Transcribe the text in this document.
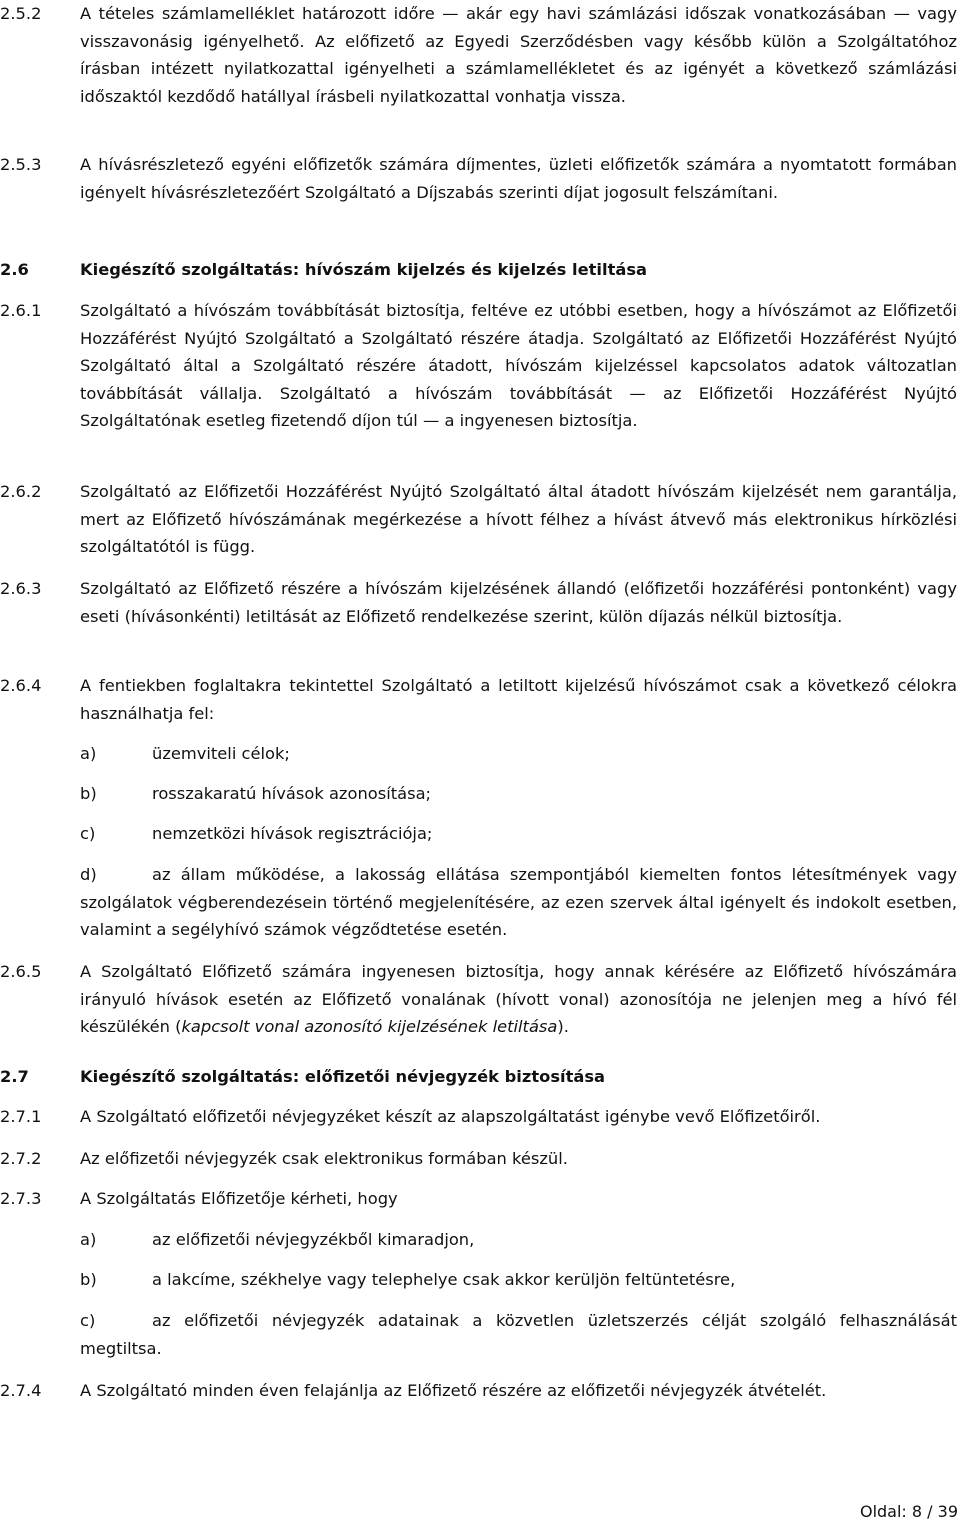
2.5.2 A tételes számlamelléklet határozott időre — akár egy havi számlázási időszak vonatkozásában — vagy visszavonásig igényelhető. Az előfizető az Egyedi Szerződésben vagy később külön a Szolgáltatóhoz írásban intézett nyilatkozattal igényelheti a számlamellékletet és az igényét a következő számlázási időszaktól kezdődő hatállyal írásbeli nyilatkozattal vonhatja vissza.

2.5.3 A hívásrészletező egyéni előfizetők számára díjmentes, üzleti előfizetők számára a nyomtatott formában igényelt hívásrészletezőért Szolgáltató a Díjszabás szerinti díjat jogosult felszámítani.

2.6	Kiegészítő szolgáltatás: hívószám kijelzés és kijelzés letiltása
2.6.1 Szolgáltató a hívószám továbbítását biztosítja, feltéve ez utóbbi esetben, hogy a hívószámot az Előfizetői Hozzáférést Nyújtó Szolgáltató a Szolgáltató részére átadja. Szolgáltató az Előfizetői Hozzáférést Nyújtó Szolgáltató által a Szolgáltató részére átadott, hívószám kijelzéssel kapcsolatos adatok változatlan továbbítását vállalja. Szolgáltató a hívószám továbbítását — az Előfizetői Hozzáférést Nyújtó Szolgáltatónak esetleg fizetendő díjon túl — a ingyenesen biztosítja.

2.6.2 Szolgáltató az Előfizetői Hozzáférést Nyújtó Szolgáltató által átadott hívószám kijelzését nem garantálja, mert az Előfizető hívószámának megérkezése a hívott félhez a hívást átvevő más elektronikus hírközlési szolgáltatótól is függ.

2.6.3 Szolgáltató az Előfizető részére a hívószám kijelzésének állandó (előfizetői hozzáférési pontonként) vagy eseti (hívásonkénti) letiltását az Előfizető rendelkezése szerint, külön díjazás nélkül biztosítja.

2.6.4 A fentiekben foglaltakra tekintettel Szolgáltató a letiltott kijelzésű hívószámot csak a következő célokra használhatja fel:

a)	üzemviteli célok;
b)	rosszakaratú hívások azonosítása;
c)	nemzetközi hívások regisztrációja;

d)	az állam működése, a lakosság ellátása szempontjából kiemelten fontos létesítmények vagy szolgálatok végberendezésein történő megjelenítésére, az ezen szervek által igényelt és indokolt esetben, valamint a segélyhívó számok végződtetése esetén.

2.6.5 A Szolgáltató Előfizető számára ingyenesen biztosítja, hogy annak kérésére az Előfizető hívószámára irányuló hívások esetén az Előfizető vonalának (hívott vonal) azonosítója ne jelenjen meg a hívó fél készülékén (kapcsolt vonal azonosító kijelzésének letiltása).

2.7	Kiegészítő szolgáltatás: előfizetői névjegyzék biztosítása
2.7.1 A Szolgáltató előfizetői névjegyzéket készít az alapszolgáltatást igénybe vevő Előfizetőiről.
2.7.2 Az előfizetői névjegyzék csak elektronikus formában készül.
2.7.3 A Szolgáltatás Előfizetője kérheti, hogy
a)	az előfizetői névjegyzékből kimaradjon,
b)	a lakcíme, székhelye vagy telephelye csak akkor kerüljön feltüntetésre,

c)	az előfizetői névjegyzék adatainak a közvetlen üzletszerzés célját szolgáló felhasználását megtiltsa.

2.7.4 A Szolgáltató minden éven felajánlja az Előfizető részére az előfizetői névjegyzék átvételét.
Oldal: 8 / 39
